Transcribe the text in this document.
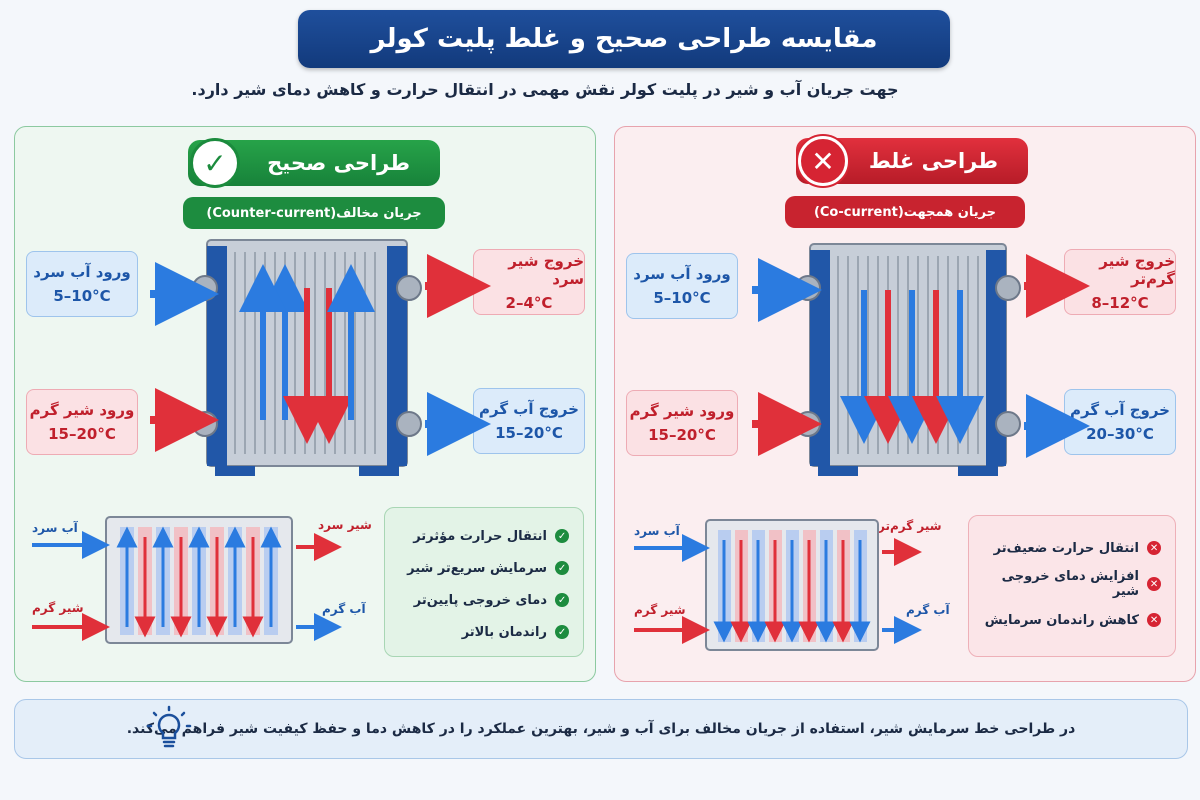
مقایسه طراحی صحیح و غلط پلیت کولر
جهت جریان آب و شیر در پلیت کولر نقش مهمی در انتقال حرارت و کاهش دمای شیر دارد.
✓	طراحی صحیح
جریان مخالف(Counter-current)
ورود آب سرد
5–10°C
ورود شیر گرم
15–20°C
خروج شیر سرد
2–4°C
خروج آب گرم
15–20°C
آب سرد
شیر گرم
شیر سرد
آب گرم
✓
انتقال حرارت مؤثرتر
✓
سرمایش سریع‌تر شیر
✓
دمای خروجی پایین‌تر
✓
راندمان بالاتر
✕	طراحی غلط
جریان همجهت(Co-current)
ورود آب سرد
5–10°C
ورود شیر گرم
15–20°C
خروج شیر گرم‌تر
8–12°C
خروج آب گرم
20–30°C
آب سرد
شیر گرم
شیر گرم‌تر
آب گرم
✕
انتقال حرارت ضعیف‌تر
✕
افزایش دمای خروجی شیر
✕
کاهش راندمان سرمایش
در طراحی خط سرمایش شیر، استفاده از جریان مخالف برای آب و شیر، بهترین عملکرد را در کاهش دما و حفظ کیفیت شیر فراهم می‌کند.
